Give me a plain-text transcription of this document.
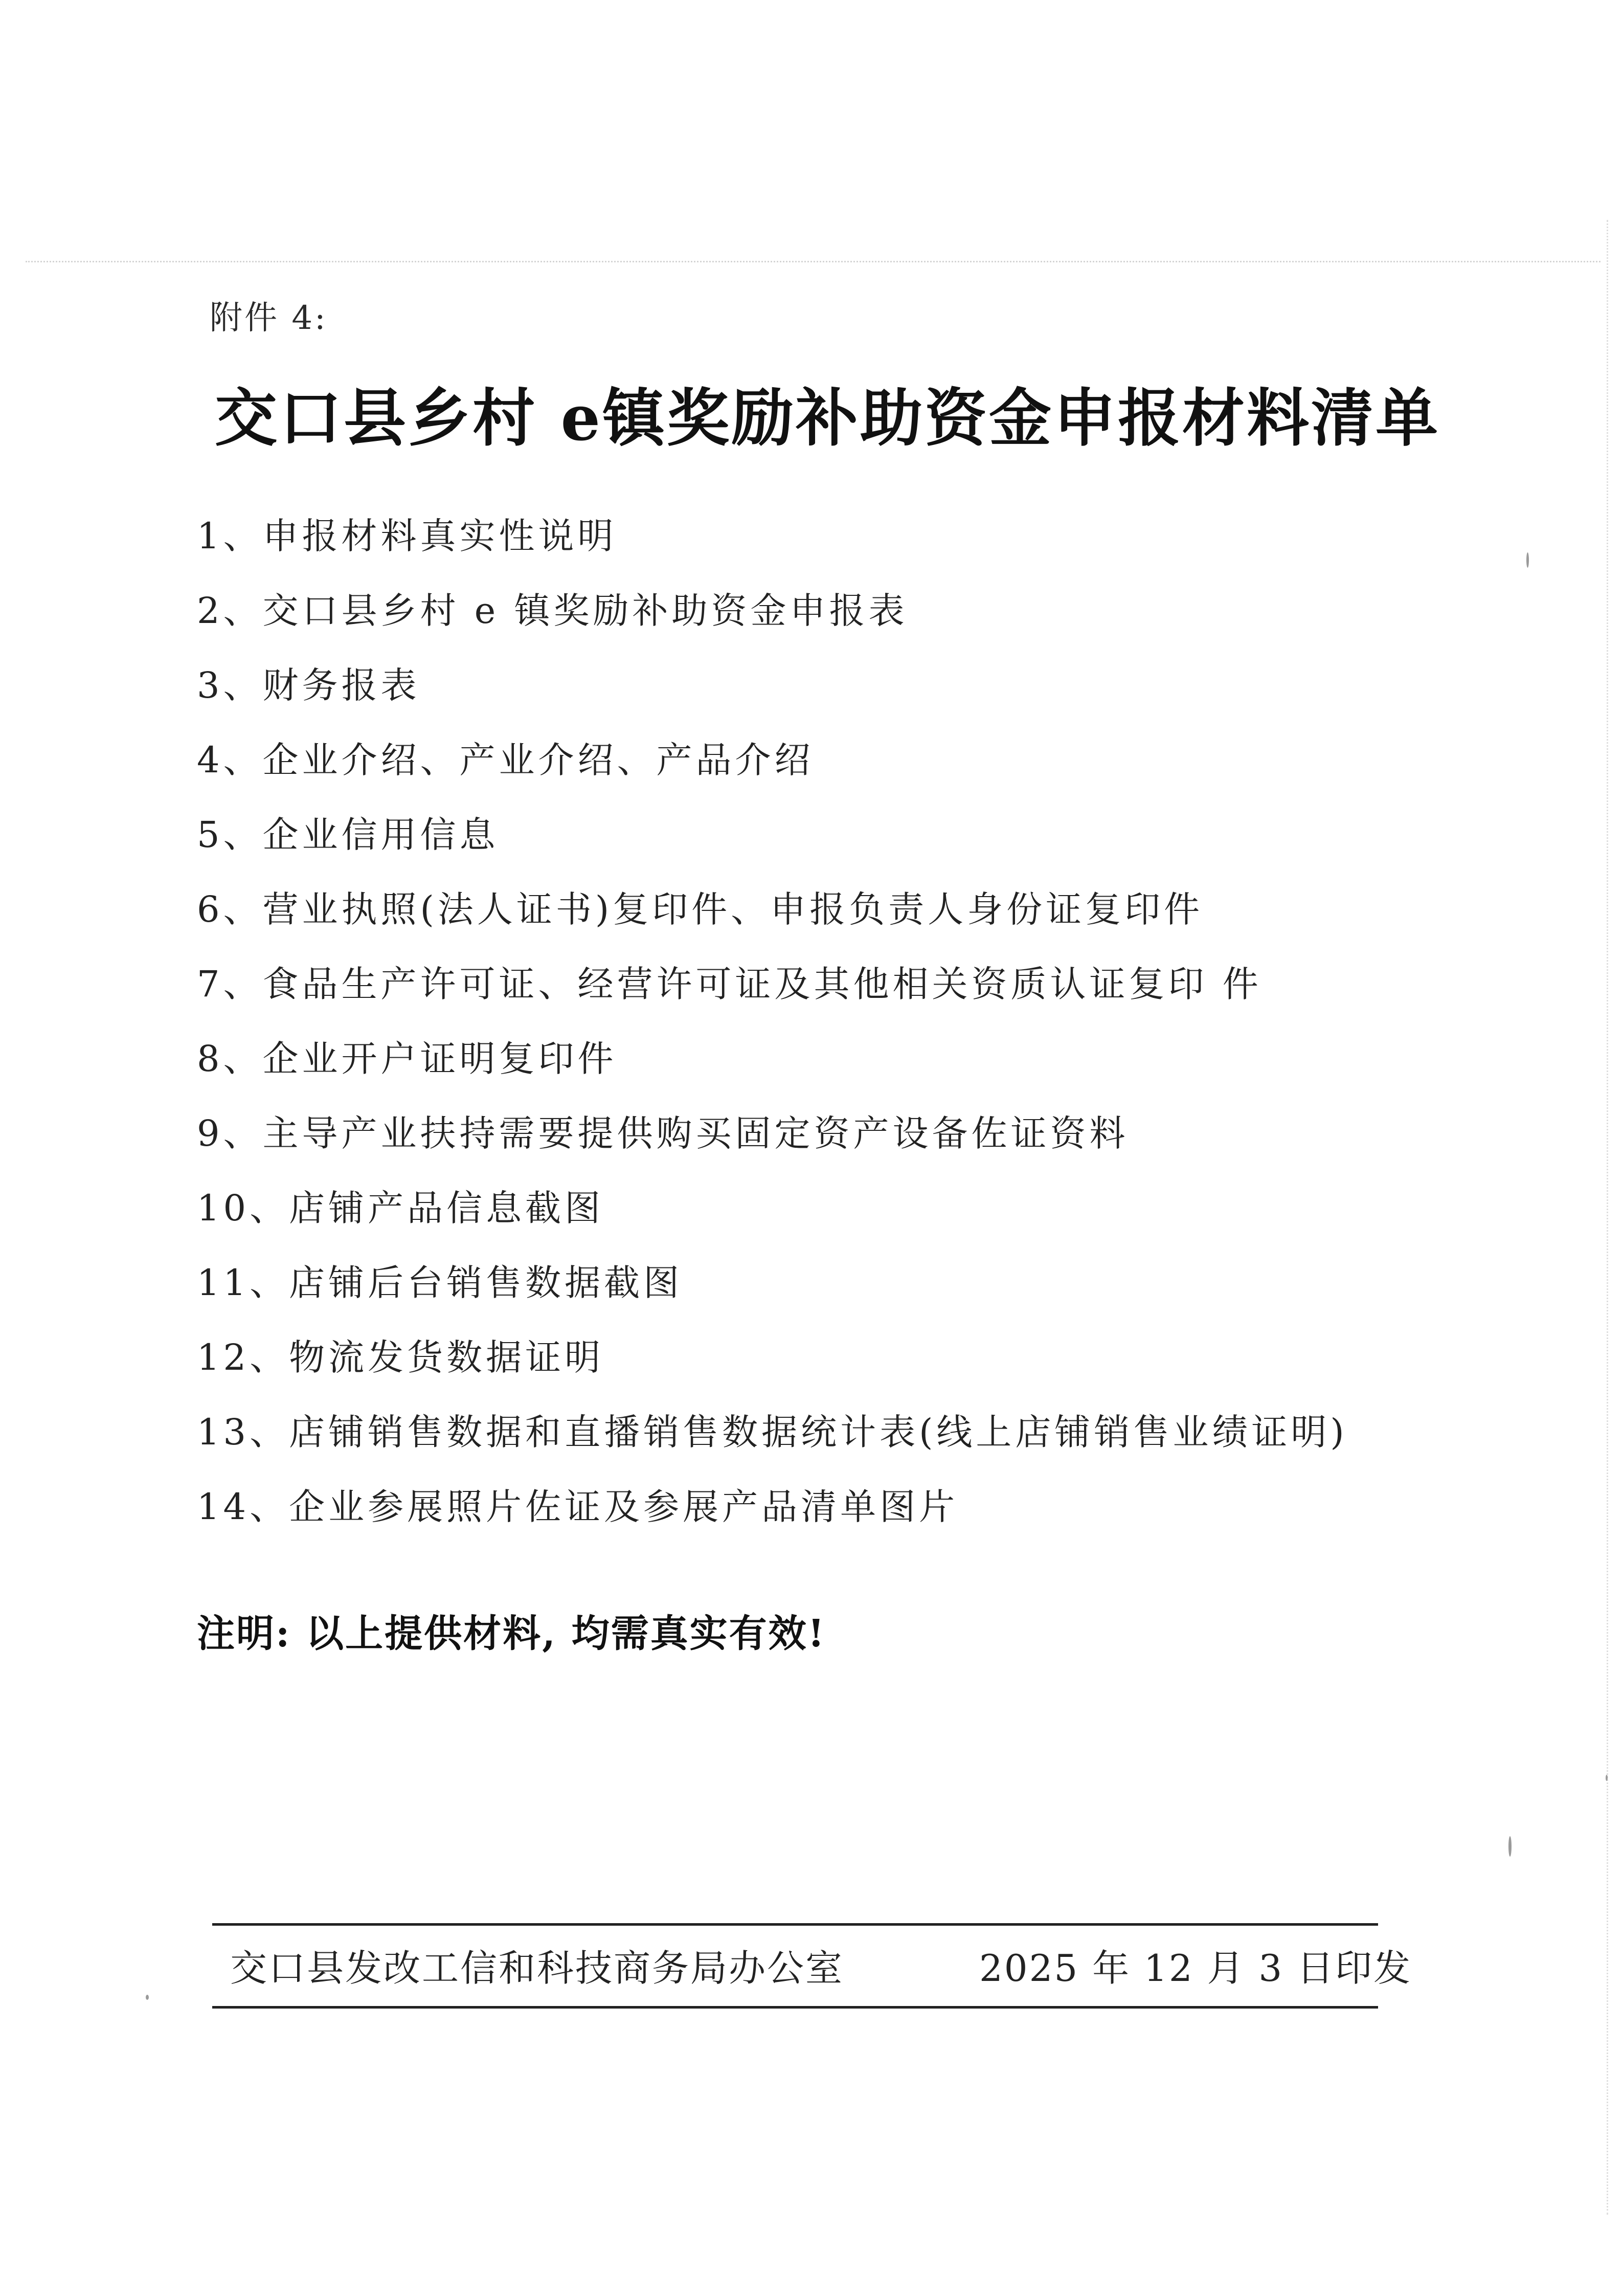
附件 4:
交口县乡村 e镇奖励补助资金申报材料清单
1、申报材料真实性说明
2、交口县乡村 e 镇奖励补助资金申报表
3、财务报表
4、企业介绍、产业介绍、产品介绍
5、企业信用信息
6、营业执照(法人证书)复印件、申报负责人身份证复印件
7、食品生产许可证、经营许可证及其他相关资质认证复印 件
8、企业开户证明复印件
9、主导产业扶持需要提供购买固定资产设备佐证资料
10、店铺产品信息截图
11、店铺后台销售数据截图
12、物流发货数据证明
13、店铺销售数据和直播销售数据统计表(线上店铺销售业绩证明)
14、企业参展照片佐证及参展产品清单图片
注明: 以上提供材料, 均需真实有效!
交口县发改工信和科技商务局办公室	2025 年 12 月 3 日印发
